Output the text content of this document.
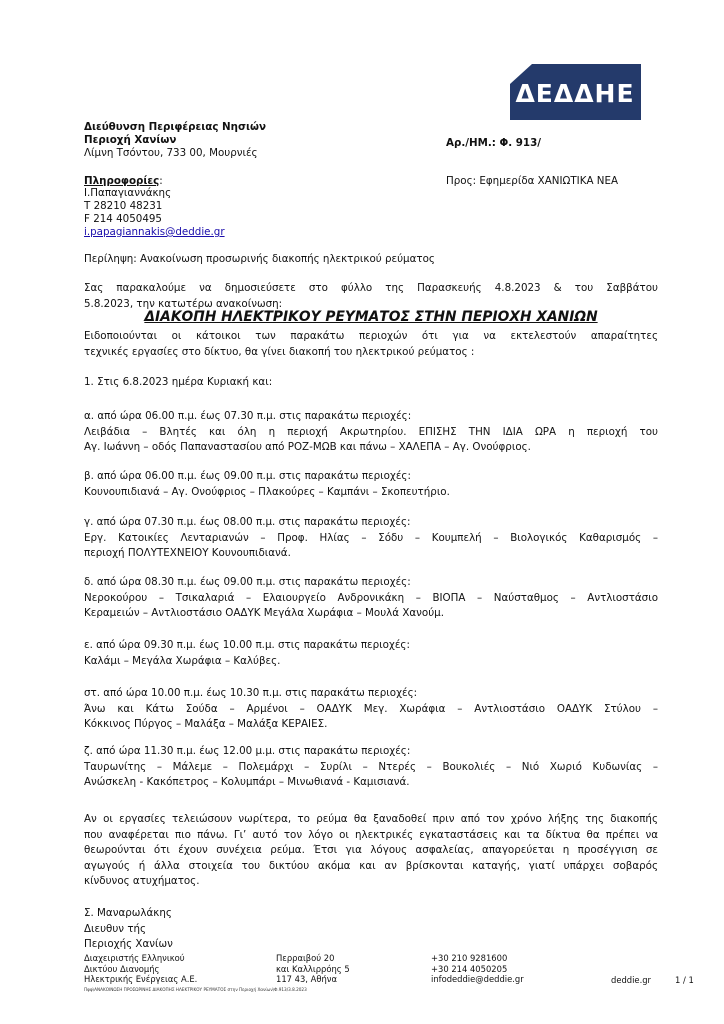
ΔΕΔΔΗΕ
Διεύθυνση Περιφέρειας Νησιών
Περιοχή Χανίων
Λίμνη Τσόντου, 733 00, Μουρνιές
Αρ./ΗΜ.: Φ. 913/
Πληροφορίες:
Ι.Παπαγιαννάκης
Τ 28210 48231
F 214 4050495
i.papagiannakis@deddie.gr
Προς: Εφημερίδα ΧΑΝΙΩΤΙΚΑ ΝΕΑ
Περίληψη: Ανακοίνωση προσωρινής διακοπής ηλεκτρικού ρεύματος

Σας παρακαλούμε να δημοσιεύσετε στο φύλλο της Παρασκευής 4.8.2023 & του Σαββάτου

5.8.2023, την κατωτέρω ανακοίνωση:

ΔΙΑΚΟΠΗ ΗΛΕΚΤΡΙΚΟΥ ΡΕΥΜΑΤΟΣ ΣΤΗΝ ΠΕΡΙΟΧΗ ΧΑΝΙΩΝ

Ειδοποιούνται οι κάτοικοι των παρακάτω περιοχών ότι για να εκτελεστούν απαραίτητες

τεχνικές εργασίες στο δίκτυο, θα γίνει διακοπή του ηλεκτρικού ρεύματος :

1. Στις 6.8.2023 ημέρα Κυριακή και:

α. από ώρα 06.00 π.μ. έως 07.30 π.μ. στις παρακάτω περιοχές:

Λειβάδια – Βλητές και όλη η περιοχή Ακρωτηρίου. ΕΠΙΣΗΣ ΤΗΝ ΙΔΙΑ ΩΡΑ η περιοχή του

Αγ. Ιωάννη – οδός Παπαναστασίου από ΡΟΖ-ΜΩΒ και πάνω – ΧΑΛΕΠΑ – Αγ. Ονούφριος.

β. από ώρα 06.00 π.μ. έως 09.00 π.μ. στις παρακάτω περιοχές:

Κουνουπιδιανά – Αγ. Ονούφριος – Πλακούρες – Καμπάνι – Σκοπευτήριο.

γ. από ώρα 07.30 π.μ. έως 08.00 π.μ. στις παρακάτω περιοχές:

Εργ. Κατοικίες Λενταριανών – Προφ. Ηλίας – Σόδυ – Κουμπελή – Βιολογικός Καθαρισμός –

περιοχή ΠΟΛΥΤΕΧΝΕΙΟΥ Κουνουπιδιανά.

δ. από ώρα 08.30 π.μ. έως 09.00 π.μ. στις παρακάτω περιοχές:

Νεροκούρου – Τσικαλαριά – Ελαιουργείο Ανδρονικάκη – ΒΙΟΠΑ – Ναύσταθμος – Αντλιοστάσιο

Κεραμειών – Αντλιοστάσιο ΟΑΔΥΚ Μεγάλα Χωράφια – Μουλά Χανούμ.

ε. από ώρα 09.30 π.μ. έως 10.00 π.μ. στις παρακάτω περιοχές:

Καλάμι – Μεγάλα Χωράφια – Καλύβες.

στ. από ώρα 10.00 π.μ. έως 10.30 π.μ. στις παρακάτω περιοχές:

Άνω και Κάτω Σούδα – Αρμένοι – ΟΑΔΥΚ Μεγ. Χωράφια – Αντλιοστάσιο ΟΑΔΥΚ Στύλου –

Κόκκινος Πύργος – Μαλάξα – Μαλάξα ΚΕΡΑΙΕΣ.

ζ. από ώρα 11.30 π.μ. έως 12.00 μ.μ. στις παρακάτω περιοχές:

Ταυρωνίτης – Μάλεμε – Πολεμάρχι – Συρίλι – Ντερές – Βουκολιές – Νιό Χωριό Κυδωνίας –

Ανώσκελη - Κακόπετρος – Κολυμπάρι – Μινωθιανά - Καμισιανά.

Αν οι εργασίες τελειώσουν νωρίτερα, το ρεύμα θα ξαναδοθεί πριν από τον χρόνο λήξης της διακοπής

που αναφέρεται πιο πάνω. Γι’ αυτό τον λόγο οι ηλεκτρικές εγκαταστάσεις και τα δίκτυα θα πρέπει να

θεωρούνται ότι έχουν συνέχεια ρεύμα. Έτσι για λόγους ασφαλείας, απαγορεύεται η προσέγγιση σε

αγωγούς ή άλλα στοιχεία του δικτύου ακόμα και αν βρίσκονται καταγής, γιατί υπάρχει σοβαρός

κίνδυνος ατυχήματος.

Σ. Μαναρωλάκης
Διευθυν τής
Περιοχής Χανίων
Διαχειριστής Ελληνικού
Δικτύου Διανομής
Ηλεκτρικής Ενέργειας Α.Ε.
Περραιβού 20
και Καλλιρρόης 5
117 43, Αθήνα
+30 210 9281600
+30 214 4050205
infodeddie@deddie.gr	deddie.gr	1 / 1
Πφφ\ΑΝΑΚΟΙΝΩΣΗ ΠΡΟΣΩΡΙΝΗΣ ΔΙΑΚΟΠΗΣ ΗΛΕΚΤΡΙΚΟΥ ΡΕΥΜΑΤΟΣ στην Περιοχή Χανίων\Φ.913/3.8.2023
